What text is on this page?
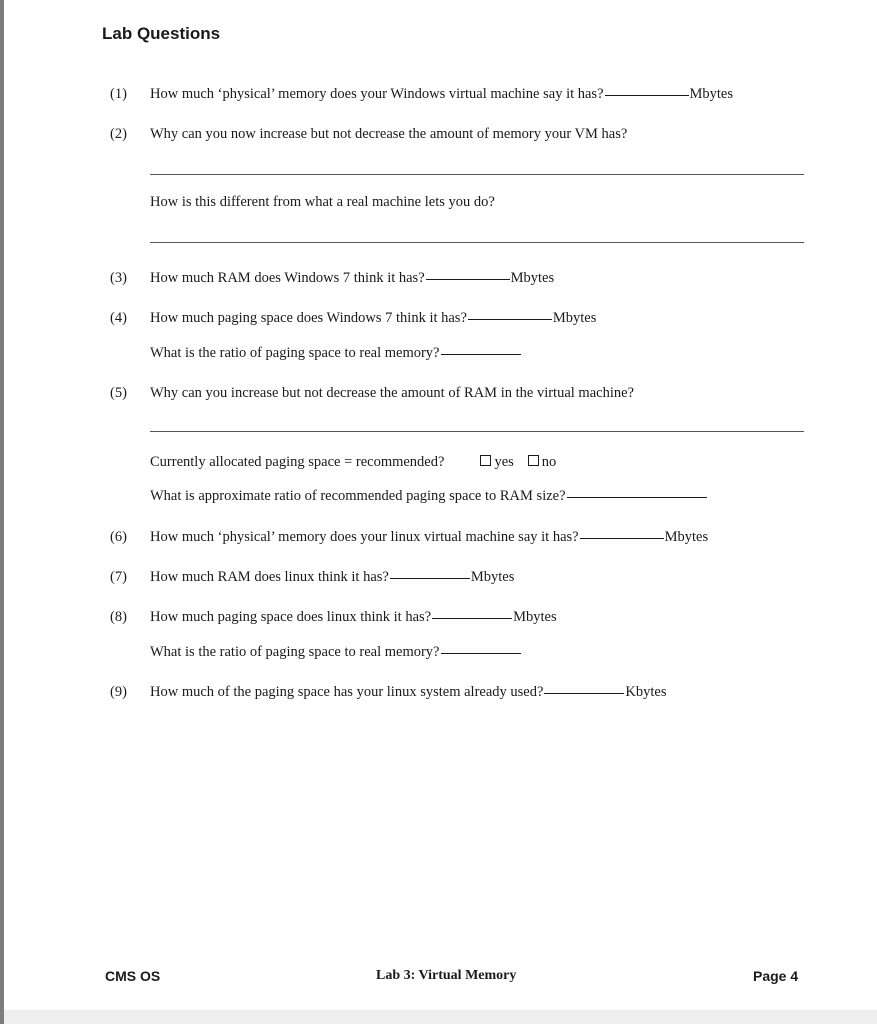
Lab Questions
(1) How much ‘physical’ memory does your Windows virtual machine say it has?	Mbytes
(2) Why can you now increase but not decrease the amount of memory your VM has?
How is this different from what a real machine lets you do?
(3) How much RAM does Windows 7 think it has?	Mbytes
(4) How much paging space does Windows 7 think it has?	Mbytes
What is the ratio of paging space to real memory?
(5) Why can you increase but not decrease the amount of RAM in the virtual machine?
Currently allocated paging space = recommended?	yes no
What is approximate ratio of recommended paging space to RAM size?
(6) How much ‘physical’ memory does your linux virtual machine say it has?	Mbytes
(7) How much RAM does linux think it has?	Mbytes
(8) How much paging space does linux think it has?	Mbytes
What is the ratio of paging space to real memory?
(9) How much of the paging space has your linux system already used?	Kbytes
CMS OS	Lab 3: Virtual Memory	Page 4
